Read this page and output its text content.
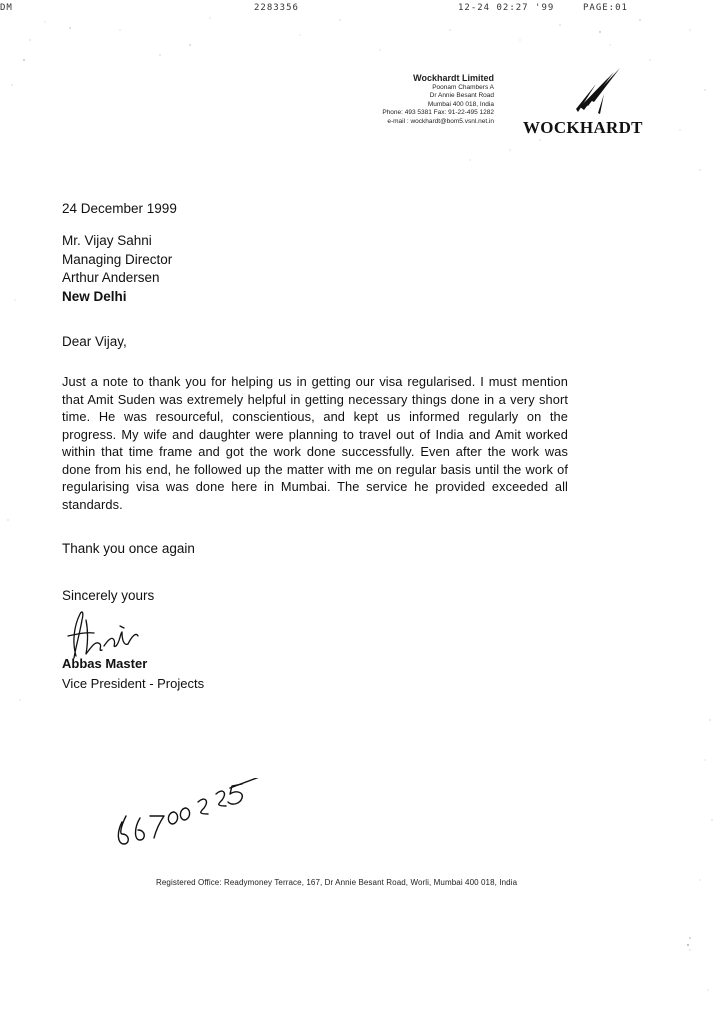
DM	2283356	12-24 02:27 '99	PAGE:01
Wockhardt Limited
Poonam Chambers A
Dr Annie Besant Road
Mumbai 400 018, India
Phone: 493 5381 Fax: 91-22-495 1282
e-mail : wockhardt@bom5.vsnl.net.in WOCKHARDT
24 December 1999
Mr. Vijay Sahni
Managing Director
Arthur Andersen
New Delhi
Dear Vijay,
Just a note to thank you for helping us in getting our visa regularised. I must mention that Amit Suden was extremely helpful in getting necessary things done in a very short time. He was resourceful, conscientious, and kept us informed regularly on the progress. My wife and daughter were planning to travel out of India and Amit worked within that time frame and got the work done successfully. Even after the work was done from his end, he followed up the matter with me on regular basis until the work of regularising visa was done here in Mumbai. The service he provided exceeded all standards.
Thank you once again
Sincerely yours
Abbas Master
Vice President - Projects
Registered Office: Readymoney Terrace, 167, Dr Annie Besant Road, Worli, Mumbai 400 018, India
